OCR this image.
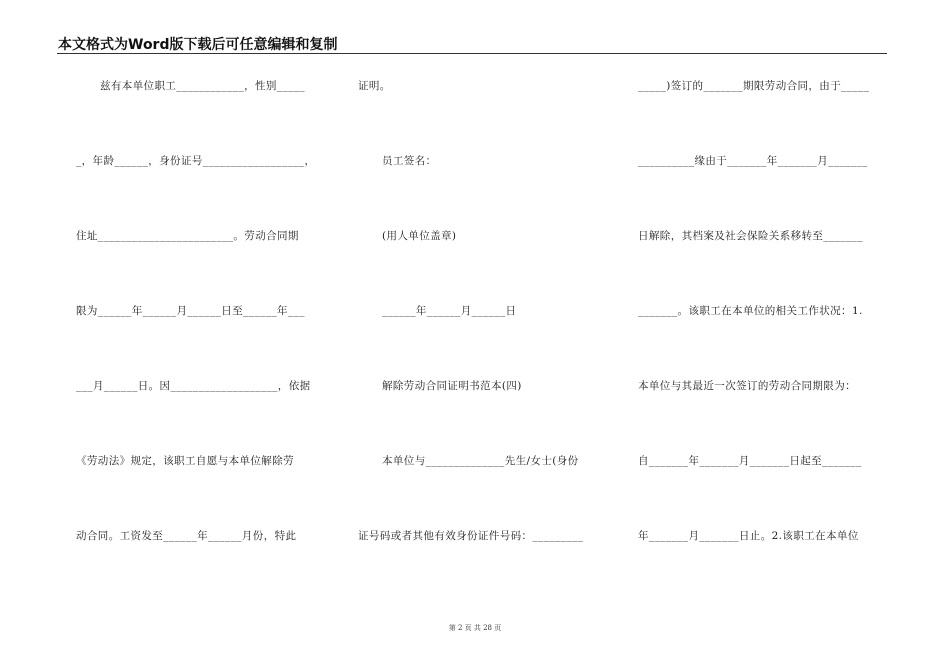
本文格式为Word版下载后可任意编辑和复制
兹有本单位职工____________，性别_____
_，年龄______，身份证号__________________，
住址________________________。劳动合同期
限为______年______月______日至______年___
___月______日。因___________________，依据
《劳动法》规定，该职工自愿与本单位解除劳
动合同。工资发至______年______月份，特此
证明。
员工签名：
(用人单位盖章)
______年______月______日
解除劳动合同证明书范本(四)
本单位与______________先生/女士(身份
证号码或者其他有效身份证件号码：_________
_____)签订的_______期限劳动合同，由于_____
__________缘由于_______年_______月_______
日解除，其档案及社会保险关系移转至_______
_______。该职工在本单位的相关工作状况：1.
本单位与其最近一次签订的劳动合同期限为：
自_______年_______月_______日起至_______
年_______月_______日止。2.该职工在本单位
第 2 页 共 28 页
